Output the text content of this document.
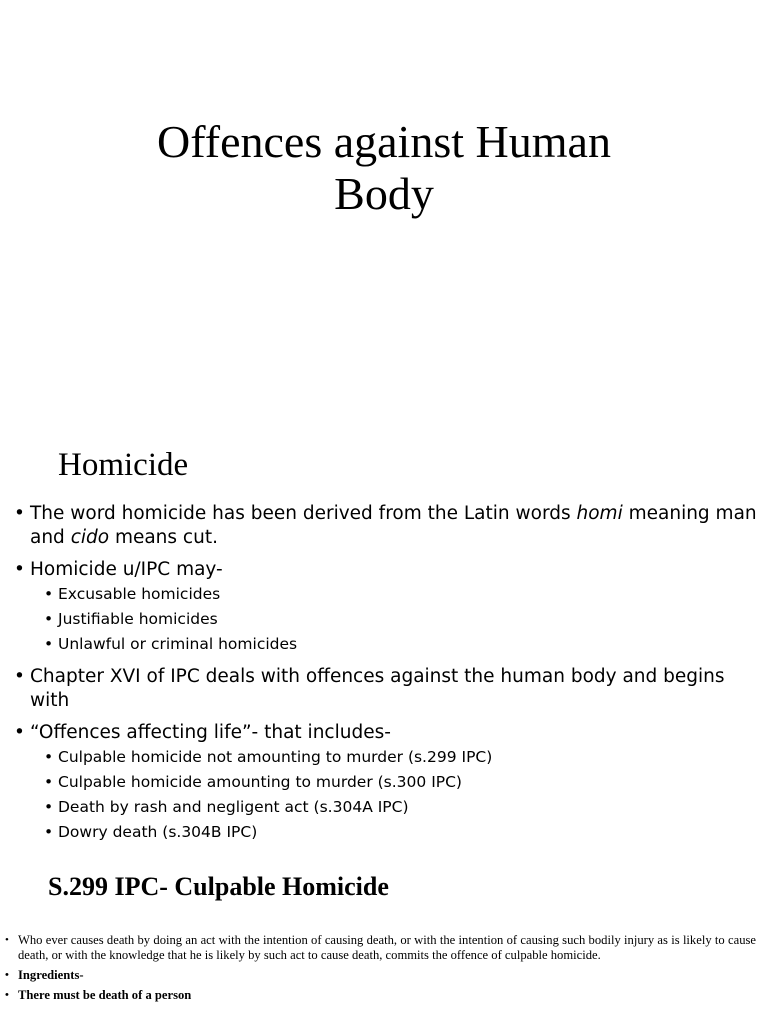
Offences against Human
Body
Homicide
• The word homicide has been derived from the Latin words homi meaning man and cido means cut.
• Homicide u/IPC may-
• Excusable homicides
• Justifiable homicides
• Unlawful or criminal homicides
• Chapter XVI of IPC deals with offences against the human body and begins with
• “Offences affecting life”- that includes-
• Culpable homicide not amounting to murder (s.299 IPC)
• Culpable homicide amounting to murder (s.300 IPC)
• Death by rash and negligent act (s.304A IPC)
• Dowry death (s.304B IPC)
S.299 IPC- Culpable Homicide
• Who ever causes death by doing an act with the intention of causing death, or with the intention of causing such bodily injury as is likely to cause death, or with the knowledge that he is likely by such act to cause death, commits the offence of culpable homicide.
• Ingredients-
• There must be death of a person
